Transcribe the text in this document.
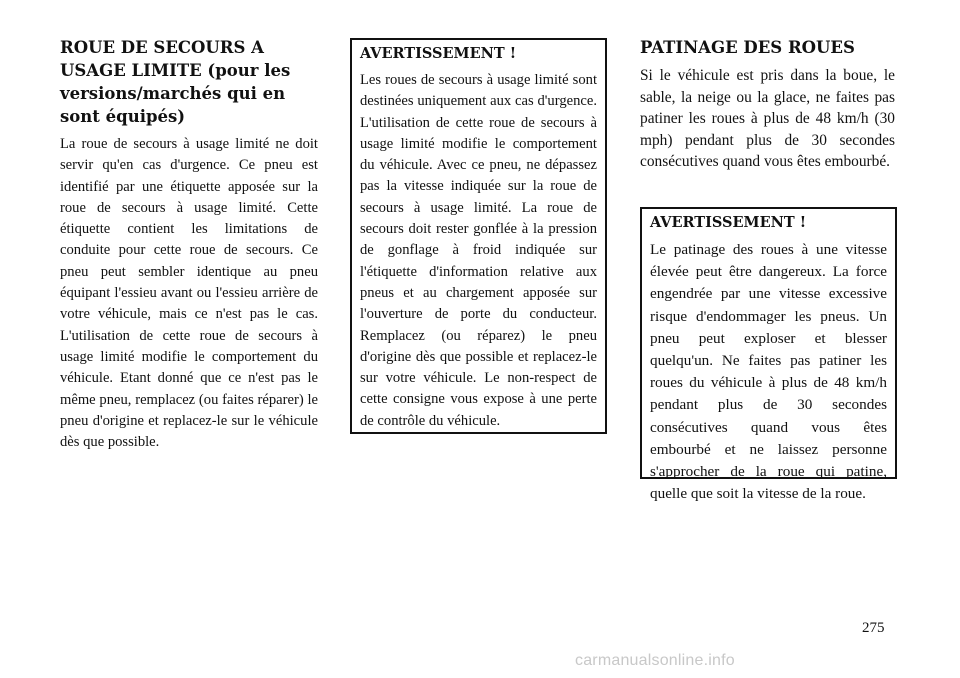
ROUE DE SECOURS A USAGE LIMITE (pour les versions/marchés qui en sont équipés)

La roue de secours à usage limité ne doit servir qu'en cas d'urgence. Ce pneu est identifié par une étiquette apposée sur la roue de secours à usage limité. Cette étiquette contient les limitations de conduite pour cette roue de secours. Ce pneu peut sembler identique au pneu équipant l'essieu avant ou l'essieu arrière de votre véhicule, mais ce n'est pas le cas. L'utilisation de cette roue de secours à usage limité modifie le comportement du véhicule. Etant donné que ce n'est pas le même pneu, remplacez (ou faites réparer) le pneu d'origine et replacez-le sur le véhicule dès que possible.

AVERTISSEMENT !

Les roues de secours à usage limité sont destinées uniquement aux cas d'urgence. L'utilisation de cette roue de secours à usage limité modifie le comportement du véhicule. Avec ce pneu, ne dépassez pas la vitesse indiquée sur la roue de secours à usage limité. La roue de secours doit rester gonflée à la pression de gonflage à froid indiquée sur l'étiquette d'information relative aux pneus et au chargement apposée sur l'ouverture de porte du conducteur. Remplacez (ou réparez) le pneu d'origine dès que possible et replacez-le sur votre véhicule. Le non-respect de cette consigne vous expose à une perte de contrôle du véhicule.

PATINAGE DES ROUES

Si le véhicule est pris dans la boue, le sable, la neige ou la glace, ne faites pas patiner les roues à plus de 48 km/h (30 mph) pendant plus de 30 secondes consécutives quand vous êtes embourbé.

AVERTISSEMENT !

Le patinage des roues à une vitesse élevée peut être dangereux. La force engendrée par une vitesse excessive risque d'endommager les pneus. Un pneu peut exploser et blesser quelqu'un. Ne faites pas patiner les roues du véhicule à plus de 48 km/h pendant plus de 30 secondes consécutives quand vous êtes embourbé et ne laissez personne s'approcher de la roue qui patine, quelle que soit la vitesse de la roue.

275
carmanualsonline.info
